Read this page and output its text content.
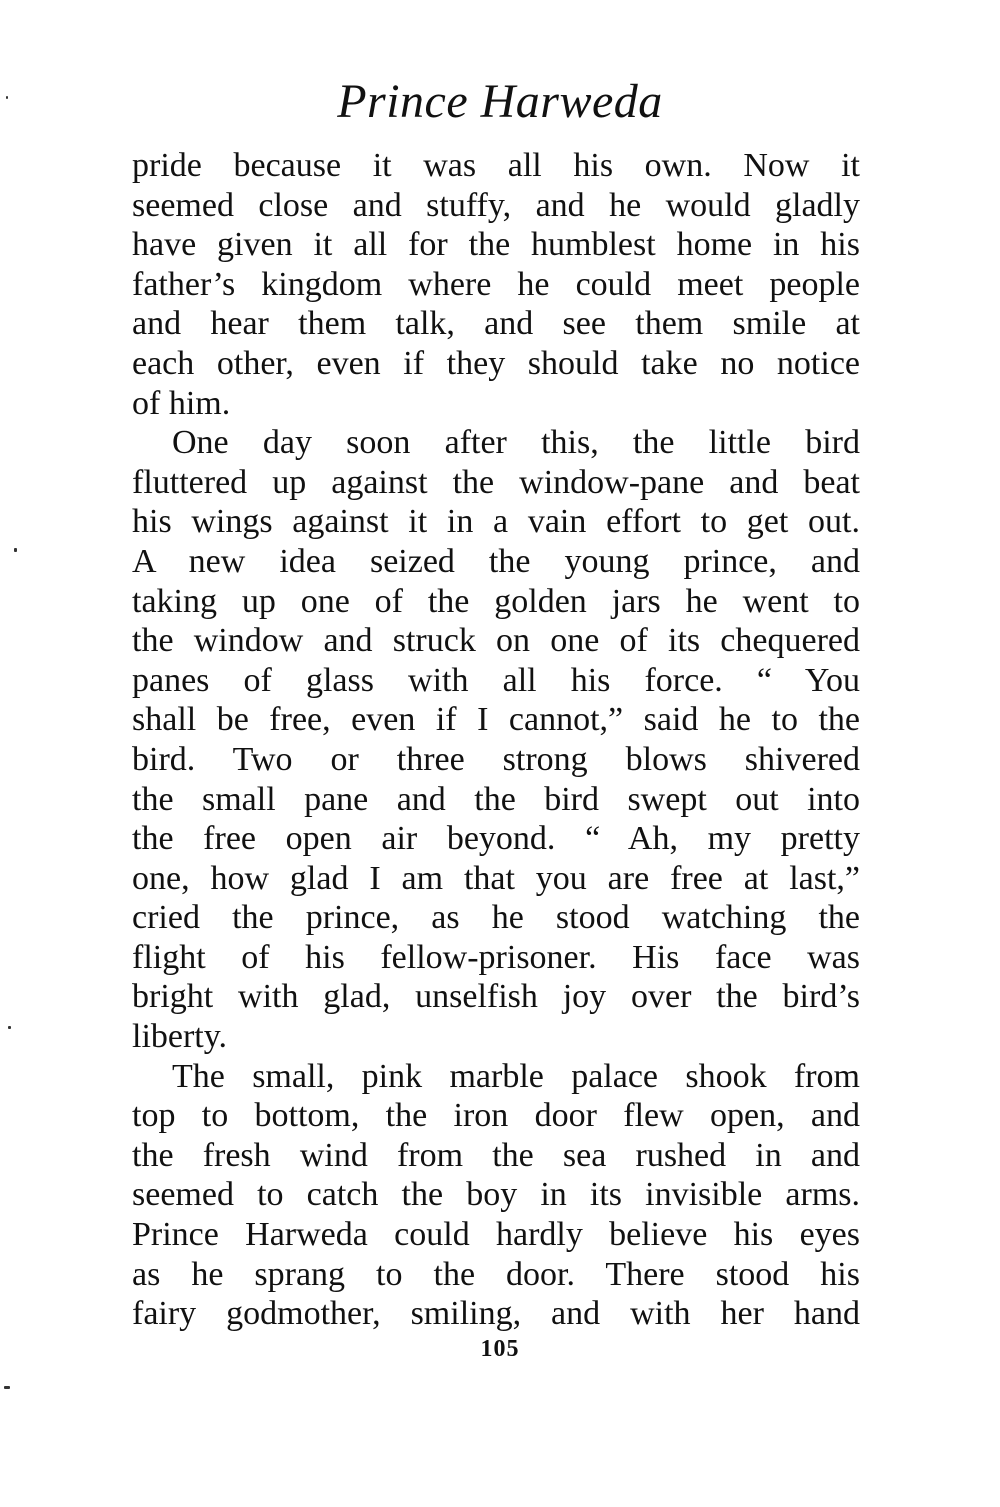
Prince Harweda

pride because it was all his own. Now it
seemed close and stuffy, and he would gladly
have given it all for the humblest home in his
father’s kingdom where he could meet people
and hear them talk, and see them smile at
each other, even if they should take no notice
of him.

One day soon after this, the little bird
fluttered up against the window-pane and beat
his wings against it in a vain effort to get out.
A new idea seized the young prince, and
taking up one of the golden jars he went to
the window and struck on one of its chequered
panes of glass with all his force. “ You
shall be free, even if I cannot,” said he to the
bird. Two or three strong blows shivered
the small pane and the bird swept out into
the free open air beyond. “ Ah, my pretty
one, how glad I am that you are free at last,”
cried the prince, as he stood watching the
flight of his fellow-prisoner. His face was
bright with glad, unselfish joy over the bird’s
liberty.

The small, pink marble palace shook from
top to bottom, the iron door flew open, and
the fresh wind from the sea rushed in and
seemed to catch the boy in its invisible arms.
Prince Harweda could hardly believe his eyes
as he sprang to the door. There stood his
fairy godmother, smiling, and with her hand

105
